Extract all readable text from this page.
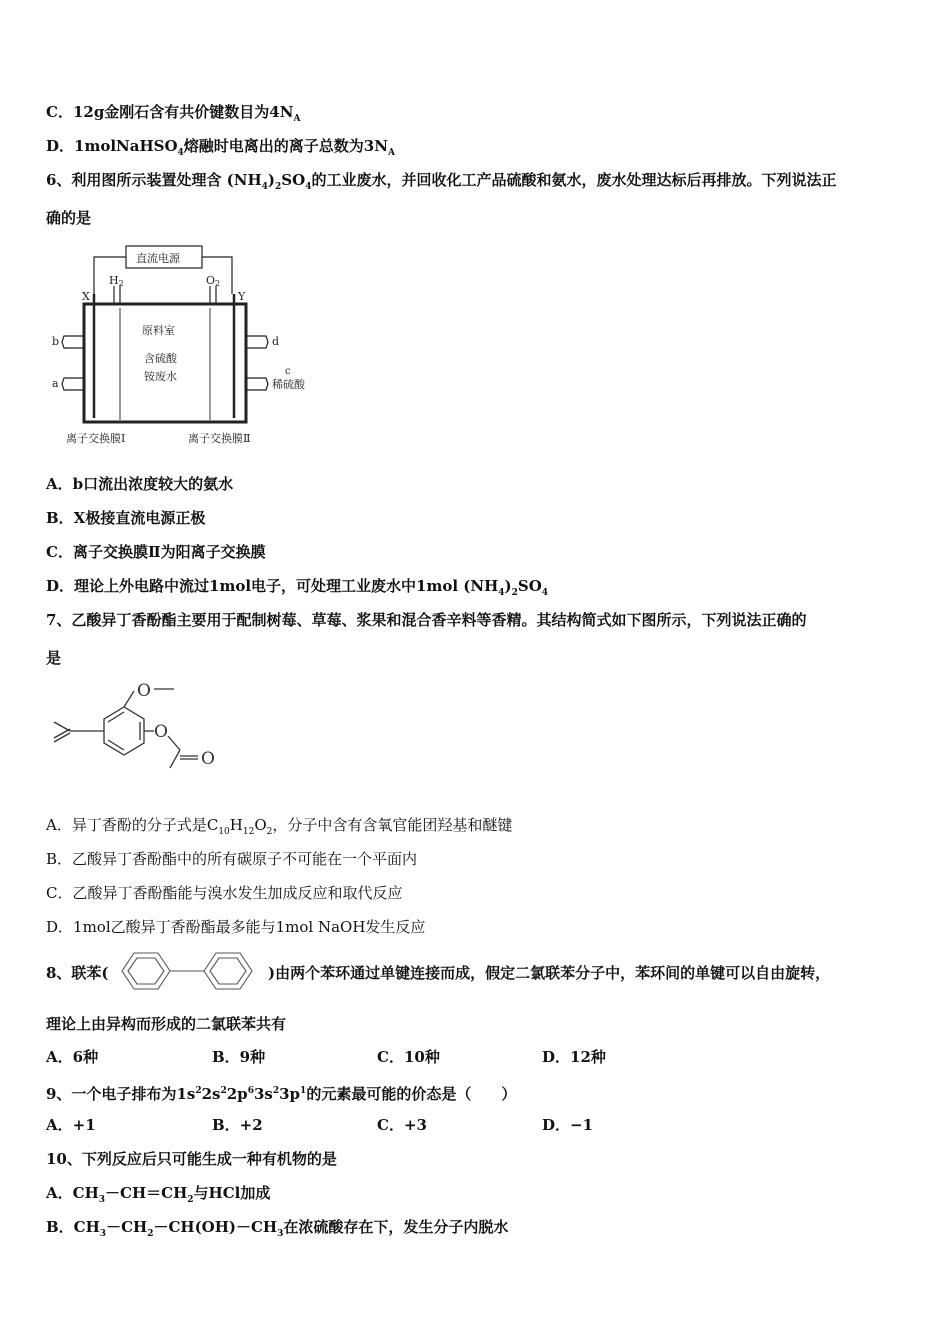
C．12g金刚石含有共价键数目为$4N_A$
D．1molNaHSO$_4$熔融时电离出的离子总数为$3N_A$
6、利用图所示装置处理含 $(NH_4)_2SO_4$的工业废水，并回收化工产品硫酸和氨水，废水处理达标后再排放。下列说法正
确的是
直流电源
H2	O2
X	Y
b
a
d
c
稀硫酸
原料室
含硫酸
铵废水
离子交换膜Ⅰ	离子交换膜Ⅱ
A．b口流出浓度较大的氨水
B．X极接直流电源正极
C．离子交换膜Ⅱ为阳离子交换膜
D．理论上外电路中流过1mol电子，可处理工业废水中1mol $(NH_4)_2SO_4$
7、乙酸异丁香酚酯主要用于配制树莓、草莓、浆果和混合香辛料等香精。其结构简式如下图所示，下列说法正确的
是
O
O
O
A．异丁香酚的分子式是$C_{10}H_{12}O_2$，分子中含有含氧官能团羟基和醚键
B．乙酸异丁香酚酯中的所有碳原子不可能在一个平面内
C．乙酸异丁香酚酯能与溴水发生加成反应和取代反应
D．1mol乙酸异丁香酚酯最多能与1mol NaOH发生反应
8、联苯(	)由两个苯环通过单键连接而成，假定二氯联苯分子中，苯环间的单键可以自由旋转，
理论上由异构而形成的二氯联苯共有
A．6种	B．9种	C．10种	D．12种
9、一个电子排布为$1s^22s^22p^63s^23p^1$的元素最可能的价态是（　　）
A．+1	B．+2	C．+3	D．−1
10、下列反应后只可能生成一种有机物的是
A．$CH_3-CH=CH_2$与HCl加成
B．$CH_3-CH_2-CH(OH)-CH_3$在浓硫酸存在下，发生分子内脱水
